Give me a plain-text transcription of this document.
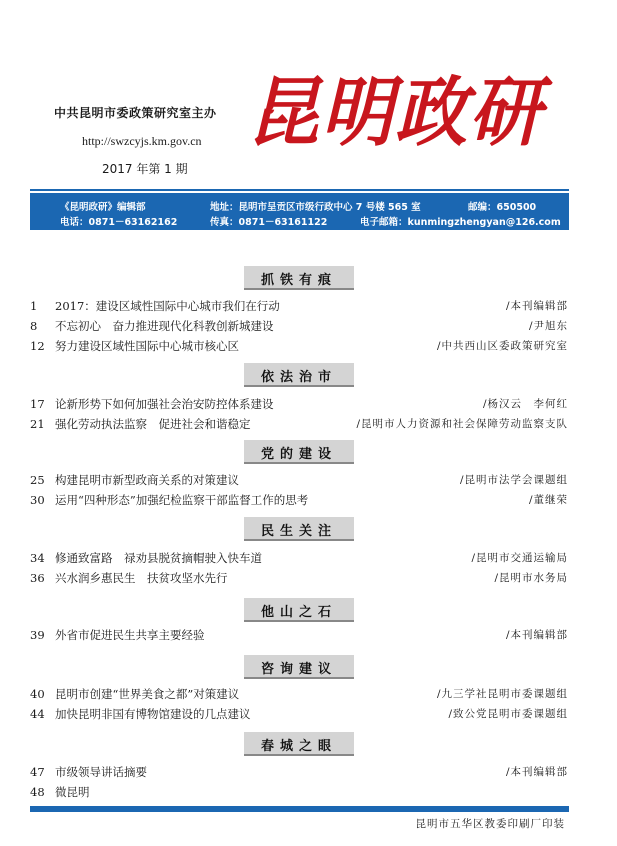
中共昆明市委政策研究室主办
http://swzcyjs.km.gov.cn
2017 年第 1 期
昆明政研
《昆明政研》编辑部	地址：昆明市呈贡区市级行政中心 7 号楼 565 室	邮编：650500
电话：0871－63162162	传真：0871－63161122	电子邮箱：kunmingzhengyan@126.com
抓铁有痕
依法治市
党的建设
民生关注
他山之石
咨询建议
春城之眼
1	2017：建设区域性国际中心城市我们在行动	/本刊编辑部
8	不忘初心　奋力推进现代化科教创新城建设	/尹旭东
12 努力建设区域性国际中心城市核心区	/中共西山区委政策研究室
17 论新形势下如何加强社会治安防控体系建设	/杨汉云　李何红
21 强化劳动执法监察　促进社会和谐稳定	/昆明市人力资源和社会保障劳动监察支队
25 构建昆明市新型政商关系的对策建议	/昆明市法学会课题组
30 运用“四种形态”加强纪检监察干部监督工作的思考	/董继荣
34 修通致富路　禄劝县脱贫摘帽驶入快车道	/昆明市交通运输局
36 兴水润乡惠民生　扶贫攻坚水先行	/昆明市水务局
39 外省市促进民生共享主要经验	/本刊编辑部
40 昆明市创建“世界美食之都”对策建议	/九三学社昆明市委课题组
44 加快昆明非国有博物馆建设的几点建议	/致公党昆明市委课题组
47 市级领导讲话摘要	/本刊编辑部
48 微昆明
昆明市五华区教委印刷厂印装
